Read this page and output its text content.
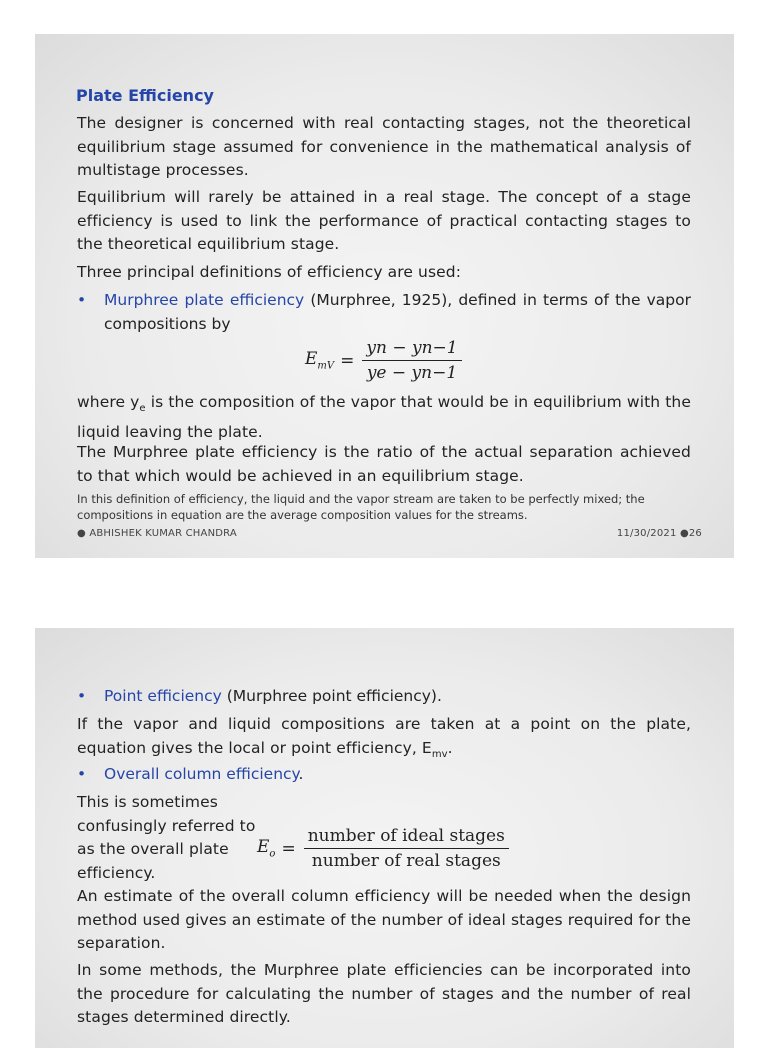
Plate Efficiency
The designer is concerned with real contacting stages, not the theoretical equilibrium stage assumed for convenience in the mathematical analysis of multistage processes.
Equilibrium will rarely be attained in a real stage. The concept of a stage efficiency is used to link the performance of practical contacting stages to the theoretical equilibrium stage.
Three principal definitions of efficiency are used:
• Murphree plate efficiency (Murphree, 1925), defined in terms of the vapor compositions by
$E_{mV} = \frac{yn - yn-1}{ye - yn-1}$
where $y_e$ is the composition of the vapor that would be in equilibrium with the liquid leaving the plate.
The Murphree plate efficiency is the ratio of the actual separation achieved to that which would be achieved in an equilibrium stage.
In this definition of efficiency, the liquid and the vapor stream are taken to be perfectly mixed; the compositions in equation are the average composition values for the streams.
● ABHISHEK KUMAR CHANDRA	11/30/2021 ●26
• Point efficiency (Murphree point efficiency).
If the vapor and liquid compositions are taken at a point on the plate, equation gives the local or point efficiency, $E_{mv}$.
• Overall column efficiency.
This is sometimes confusingly referred to as the overall plate efficiency.
$E_o = \frac{\text{number of ideal stages}}{\text{number of real stages}}$
An estimate of the overall column efficiency will be needed when the design method used gives an estimate of the number of ideal stages required for the separation.
In some methods, the Murphree plate efficiencies can be incorporated into the procedure for calculating the number of stages and the number of real stages determined directly.
